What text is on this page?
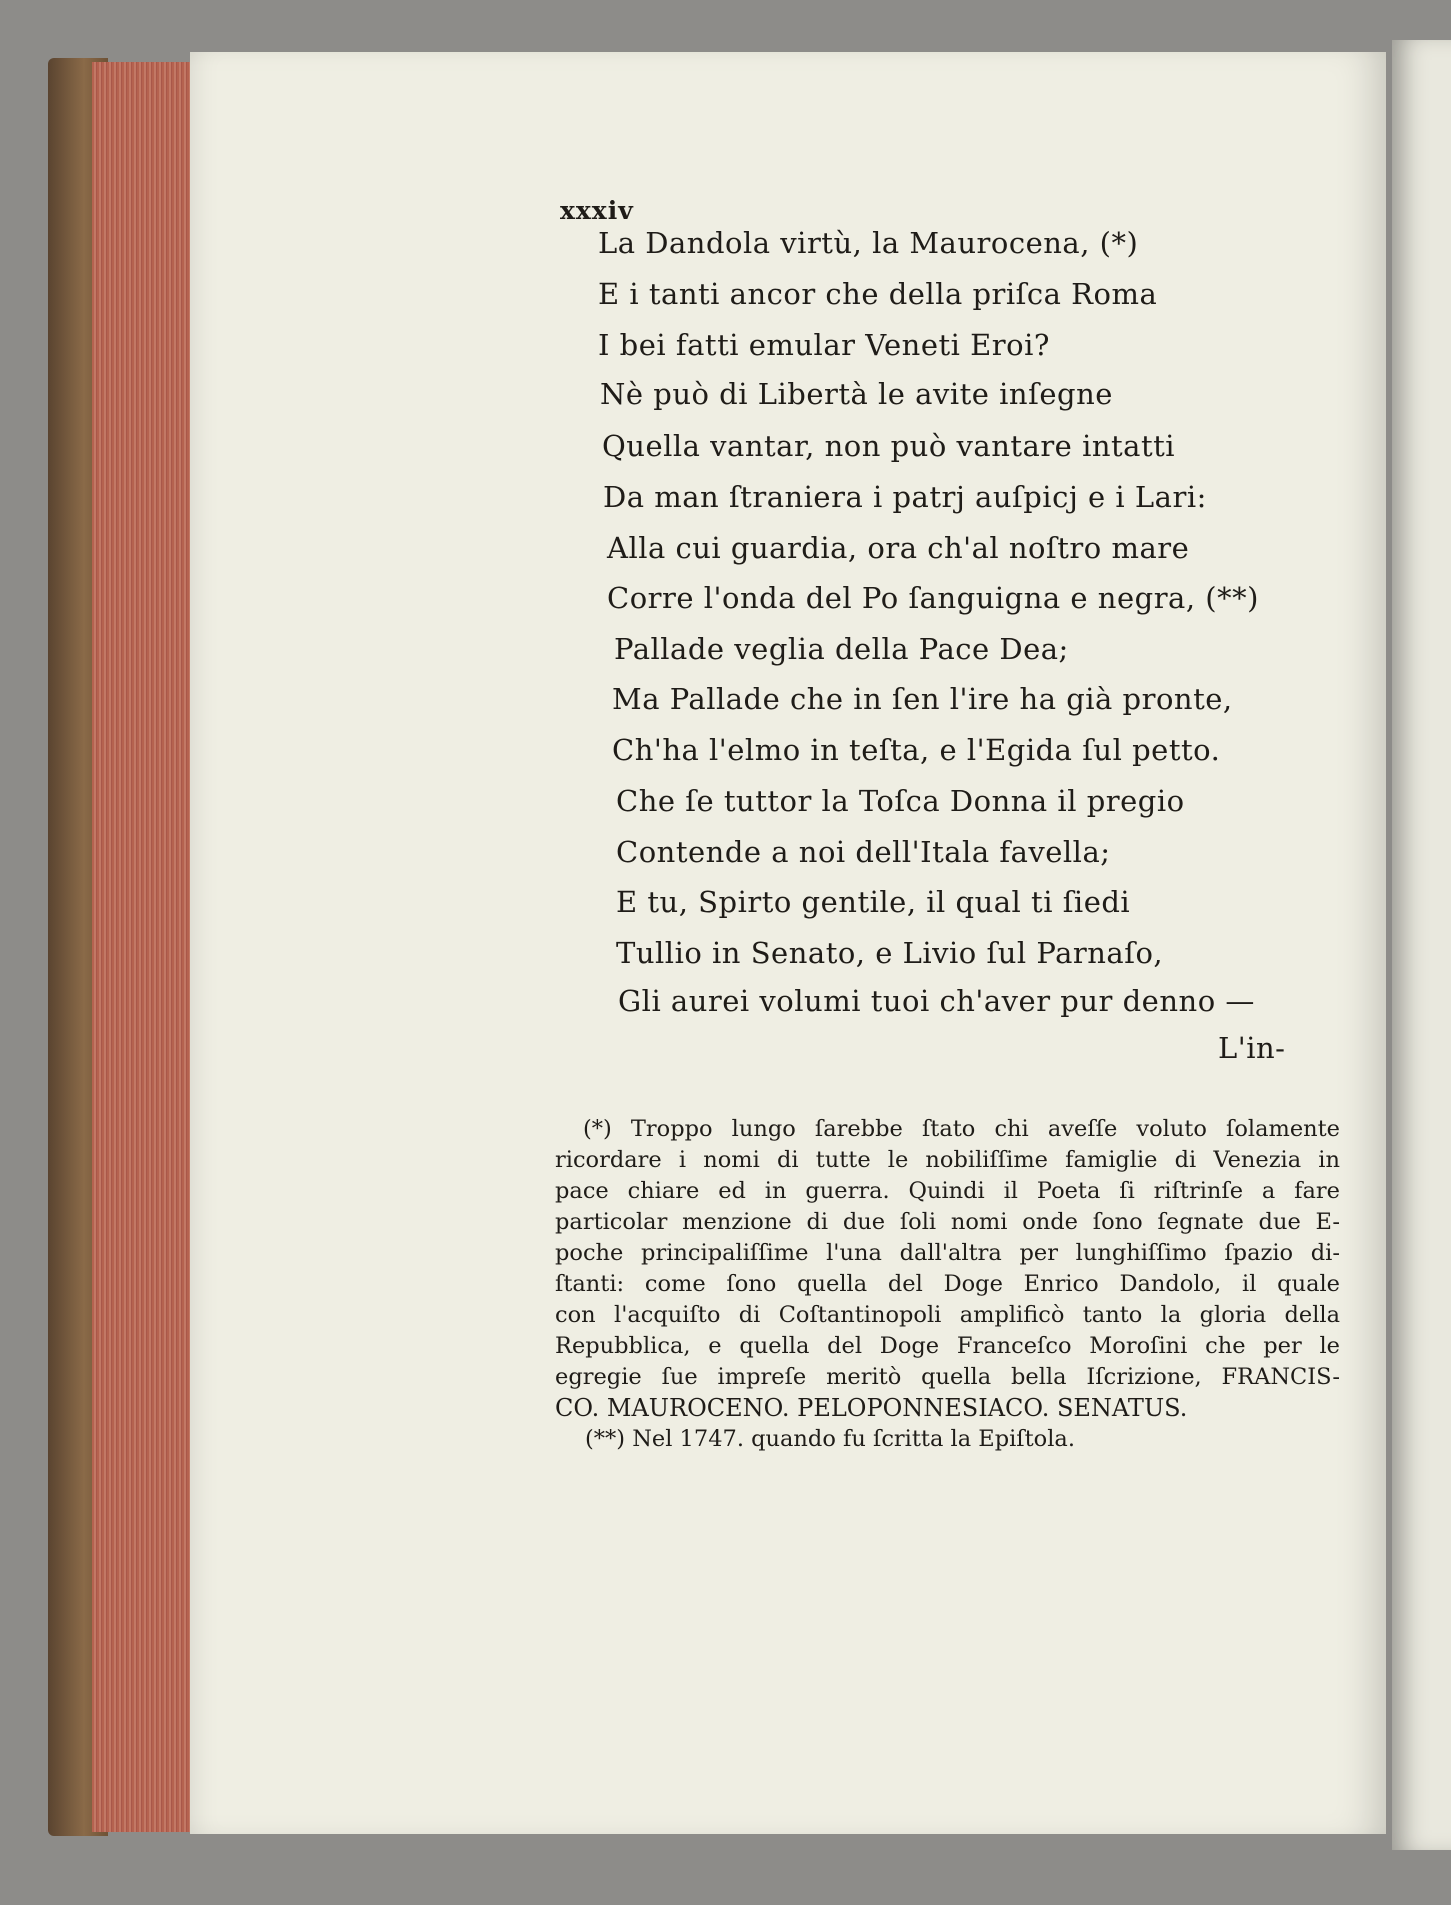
xxxiv
La Dandola virtù, la Maurocena, (*)
E i tanti ancor che della priſca Roma
I bei fatti emular Veneti Eroi?
Nè può di Libertà le avite inſegne
Quella vantar, non può vantare intatti
Da man ſtraniera i patrj auſpicj e i Lari:
Alla cui guardia, ora ch'al noſtro mare
Corre l'onda del Po ſanguigna e negra, (**)
Pallade veglia della Pace Dea;
Ma Pallade che in ſen l'ire ha già pronte,
Ch'ha l'elmo in teſta, e l'Egida ſul petto.
Che ſe tuttor la Toſca Donna il pregio
Contende a noi dell'Itala favella;
E tu, Spirto gentile, il qual ti ſiedi
Tullio in Senato, e Livio ſul Parnaſo,
Gli aurei volumi tuoi ch'aver pur denno —
L'in-
(*) Troppo lungo ſarebbe ſtato chi aveſſe voluto ſolamente
ricordare i nomi di tutte le nobiliſſime famiglie di Venezia in
pace chiare ed in guerra. Quindi il Poeta ſi riſtrinſe a fare
particolar menzione di due ſoli nomi onde ſono ſegnate due E-
poche principaliſſime l'una dall'altra per lunghiſſimo ſpazio di-
ſtanti: come ſono quella del Doge Enrico Dandolo, il quale
con l'acquiſto di Coſtantinopoli amplificò tanto la gloria della
Repubblica, e quella del Doge Franceſco Moroſini che per le
egregie ſue impreſe meritò quella bella Iſcrizione, FRANCIS-
CO. MAUROCENO. PELOPONNESIACO. SENATUS.
(**) Nel 1747. quando fu ſcritta la Epiſtola.
